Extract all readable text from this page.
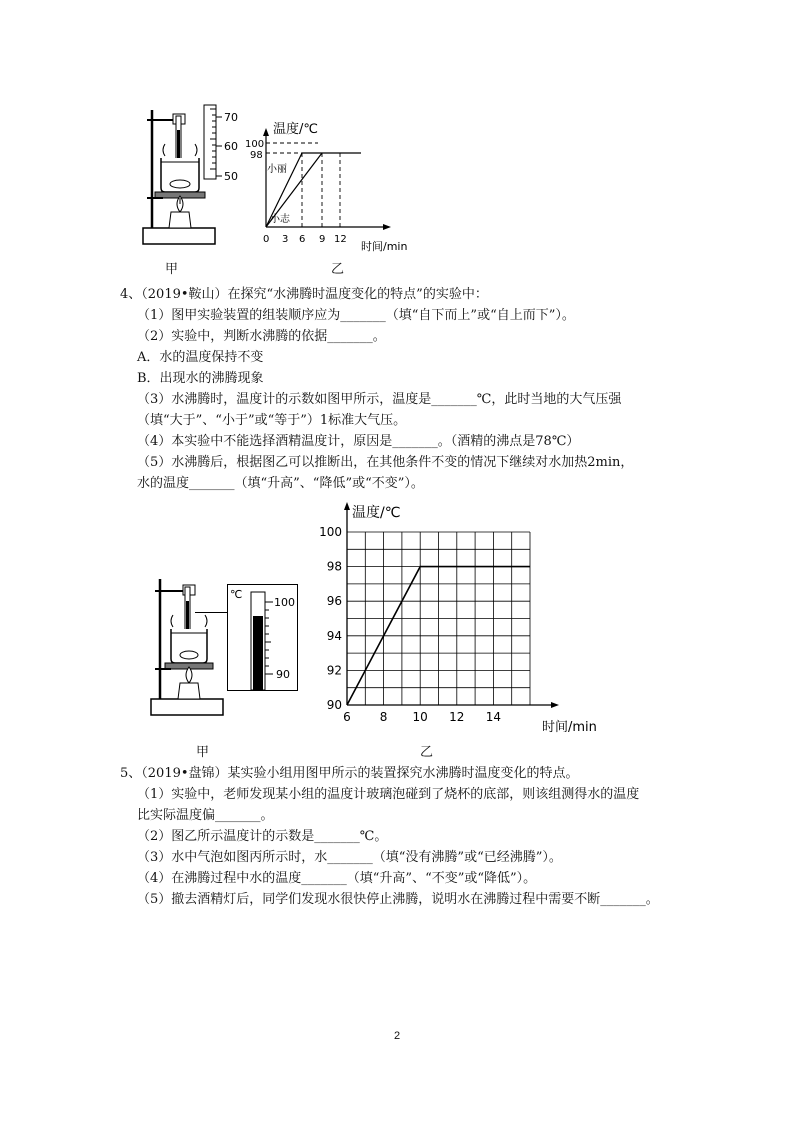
70
60
50
温度/℃
100
98
0 3 6 9 12
时间/min
小丽
小志
甲	乙
4、（2019•鞍山）在探究“水沸腾时温度变化的特点”的实验中：
（1）图甲实验装置的组装顺序应为_______（填“自下而上”或“自上而下”）。
（2）实验中，判断水沸腾的依据_______。
A．水的温度保持不变
B．出现水的沸腾现象
（3）水沸腾时，温度计的示数如图甲所示，温度是_______℃，此时当地的大气压强
（填“大于”、“小于”或“等于”）1标准大气压。
（4）本实验中不能选择酒精温度计，原因是_______。（酒精的沸点是78℃）
（5）水沸腾后，根据图乙可以推断出，在其他条件不变的情况下继续对水加热2min，
水的温度_______（填“升高”、“降低”或“不变”）。
℃
100
90
6 8 10 12 14
100
98
96
94
92
90
温度/℃
时间/min
甲	乙
5、（2019•盘锦）某实验小组用图甲所示的装置探究水沸腾时温度变化的特点。
（1）实验中，老师发现某小组的温度计玻璃泡碰到了烧杯的底部，则该组测得水的温度
比实际温度偏_______。
（2）图乙所示温度计的示数是_______℃。
（3）水中气泡如图丙所示时，水_______（填“没有沸腾”或“已经沸腾”）。
（4）在沸腾过程中水的温度_______（填“升高”、“不变”或“降低”）。
（5）撤去酒精灯后，同学们发现水很快停止沸腾，说明水在沸腾过程中需要不断_______。
2
